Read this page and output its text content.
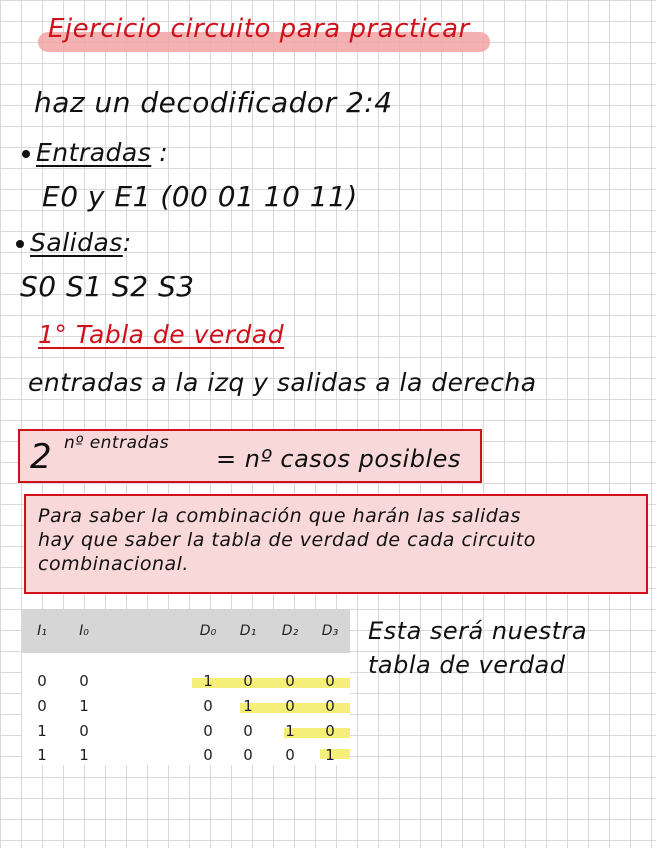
Ejercicio circuito para practicar
haz un decodificador 2:4
Entradas :
E0 y E1 (00 01 10 11)
Salidas:
S0 S1 S2 S3
1° Tabla de verdad
entradas a la izq y salidas a la derecha
2 nº entradas
= nº casos posibles
Para saber la combinación que harán las salidas
hay que saber la tabla de verdad de cada circuito
combinacional.
I₁	I₀	D₀ D₁ D₂ D₃
0	0	1	0	0	0
0	1	0	1	0	0
1	0	0	0	1	0
1	1	0	0	0	1
Esta será nuestra
tabla de verdad
